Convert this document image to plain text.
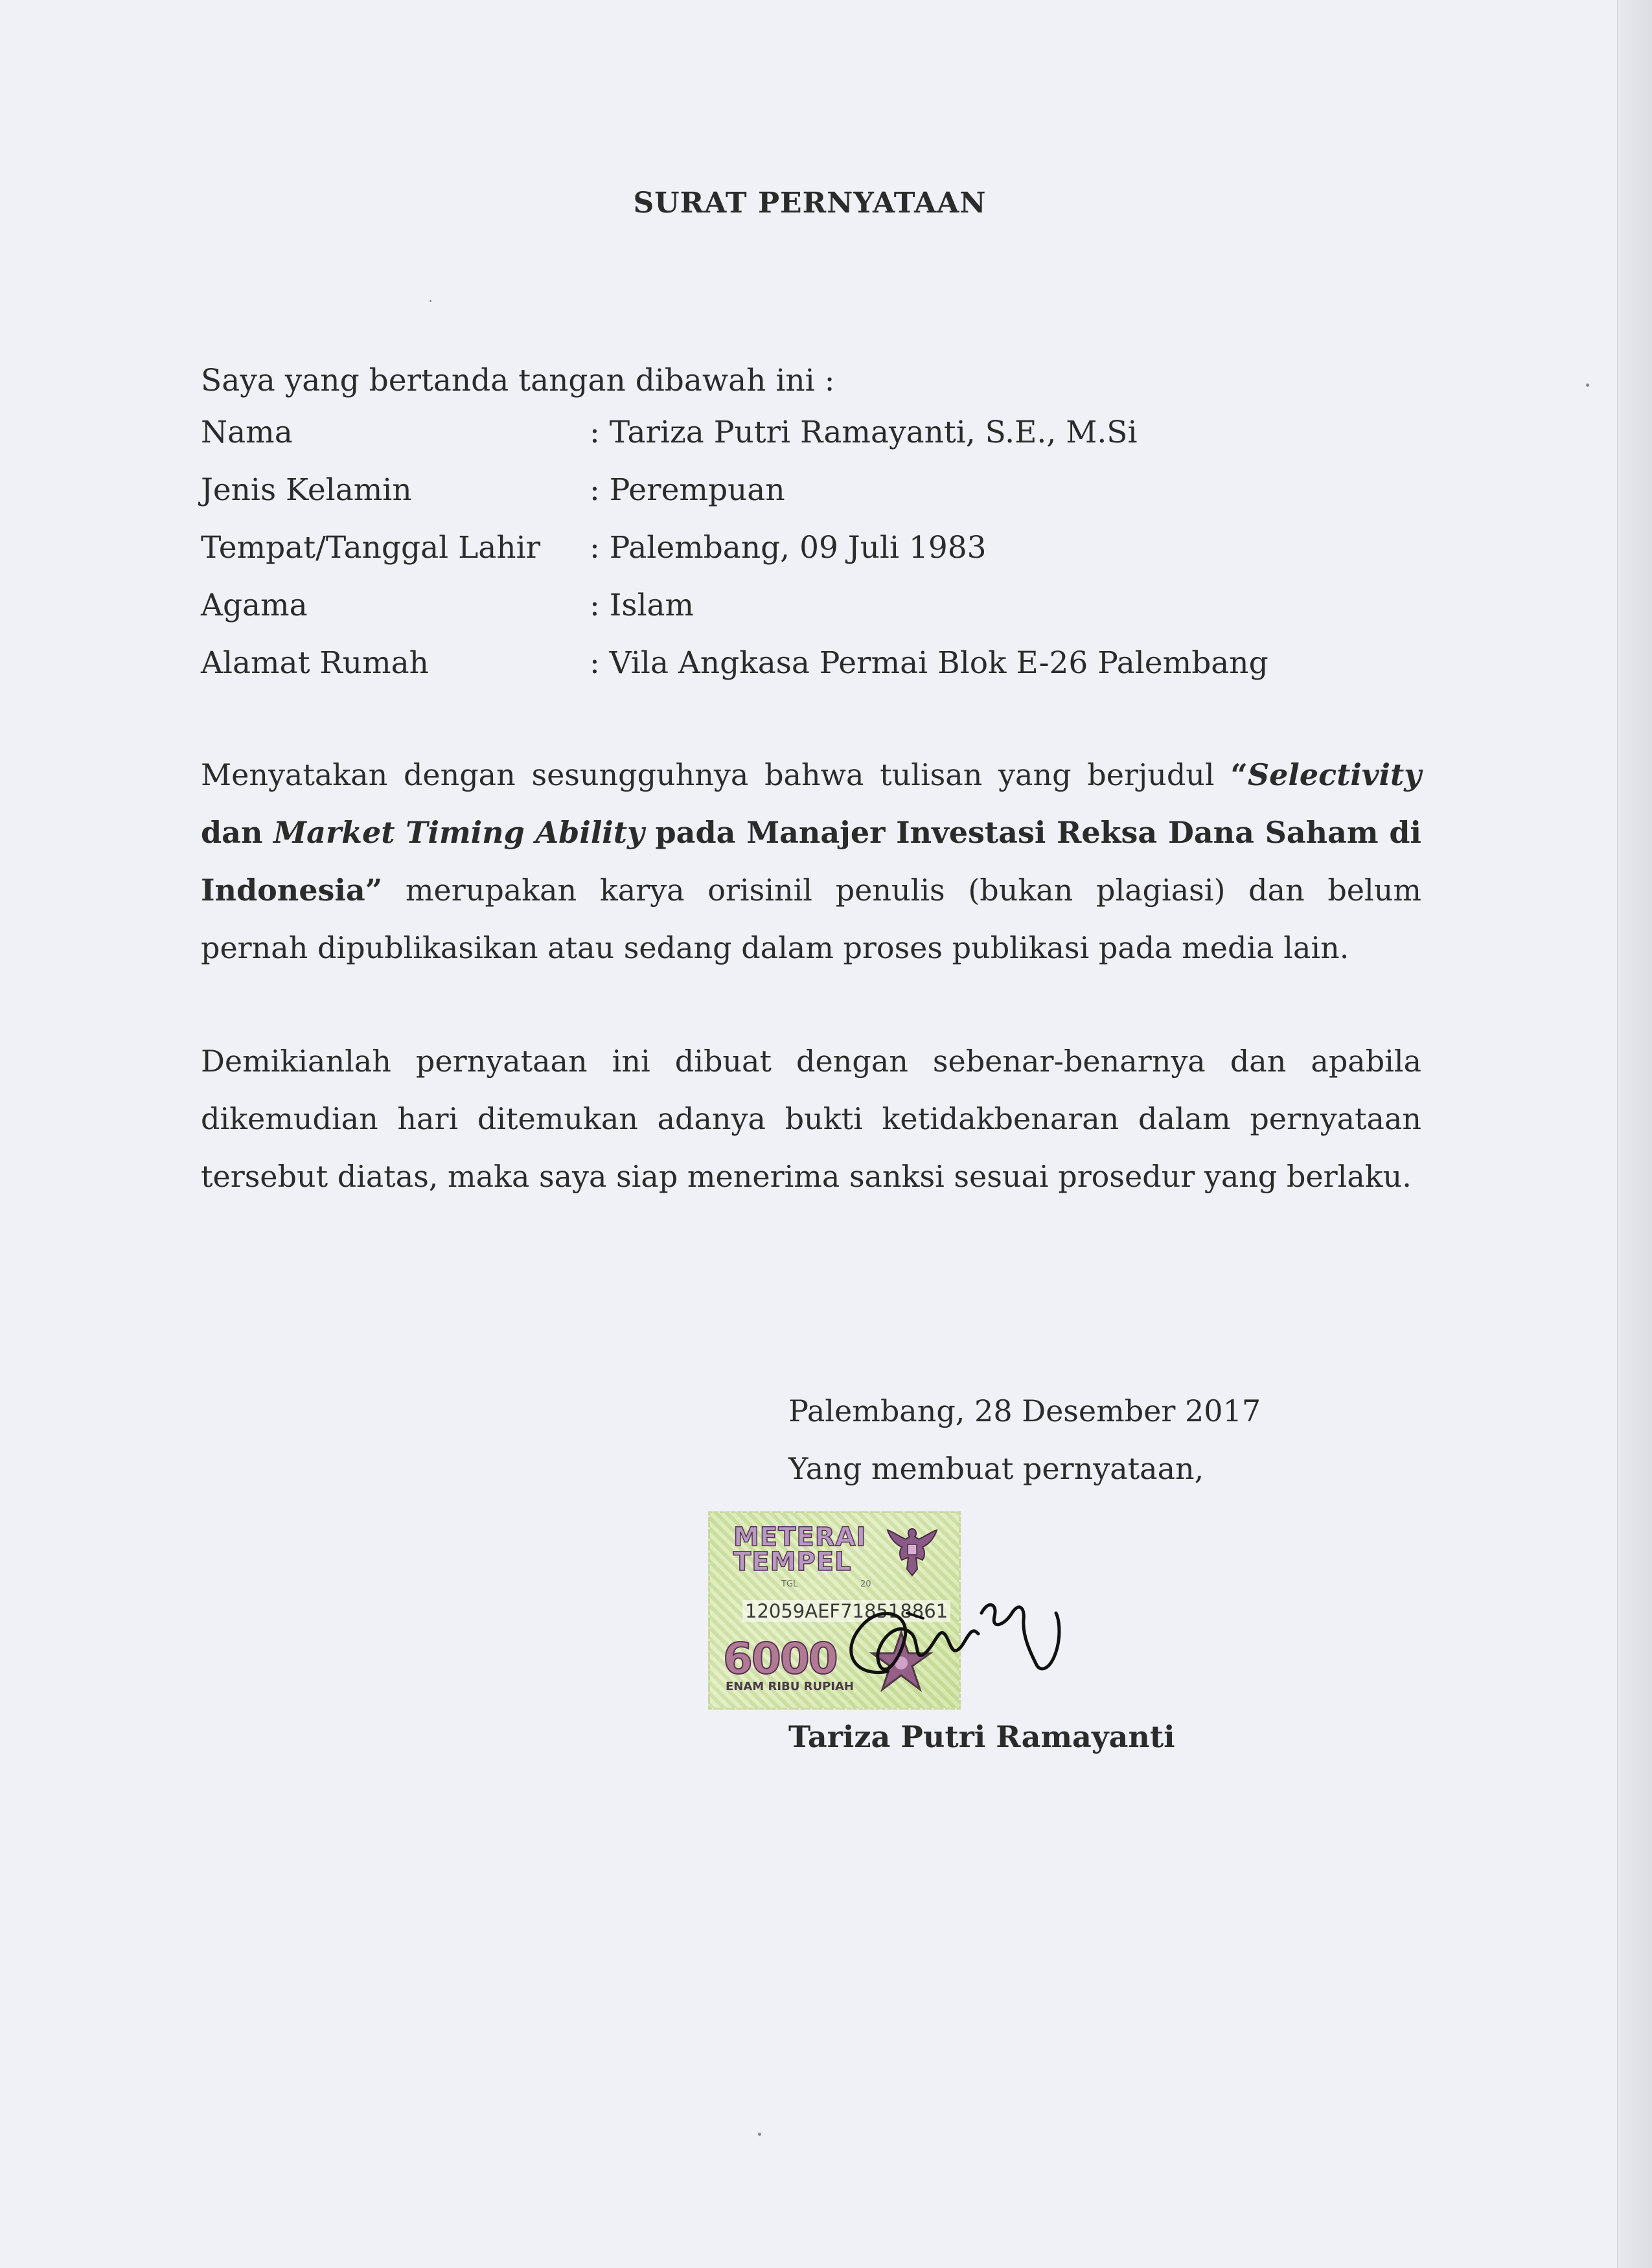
SURAT PERNYATAAN
Saya yang bertanda tangan dibawah ini :
Nama	: Tariza Putri Ramayanti, S.E., M.Si
Jenis Kelamin	: Perempuan
Tempat/Tanggal Lahir : Palembang, 09 Juli 1983
Agama	: Islam
Alamat Rumah	: Vila Angkasa Permai Blok E-26 Palembang

Menyatakan dengan sesungguhnya bahwa tulisan yang berjudul “Selectivity dan Market Timing Ability pada Manajer Investasi Reksa Dana Saham di Indonesia” merupakan karya orisinil penulis (bukan plagiasi) dan belum pernah dipublikasikan atau sedang dalam proses publikasi pada media lain.

Demikianlah pernyataan ini dibuat dengan sebenar-benarnya dan apabila dikemudian hari ditemukan adanya bukti ketidakbenaran dalam pernyataan tersebut diatas, maka saya siap menerima sanksi sesuai prosedur yang berlaku.

Palembang, 28 Desember 2017
Yang membuat pernyataan,
METERAI
TEMPEL
TGL	20
12059AEF718518861
6000
ENAM RIBU RUPIAH
Tariza Putri Ramayanti
